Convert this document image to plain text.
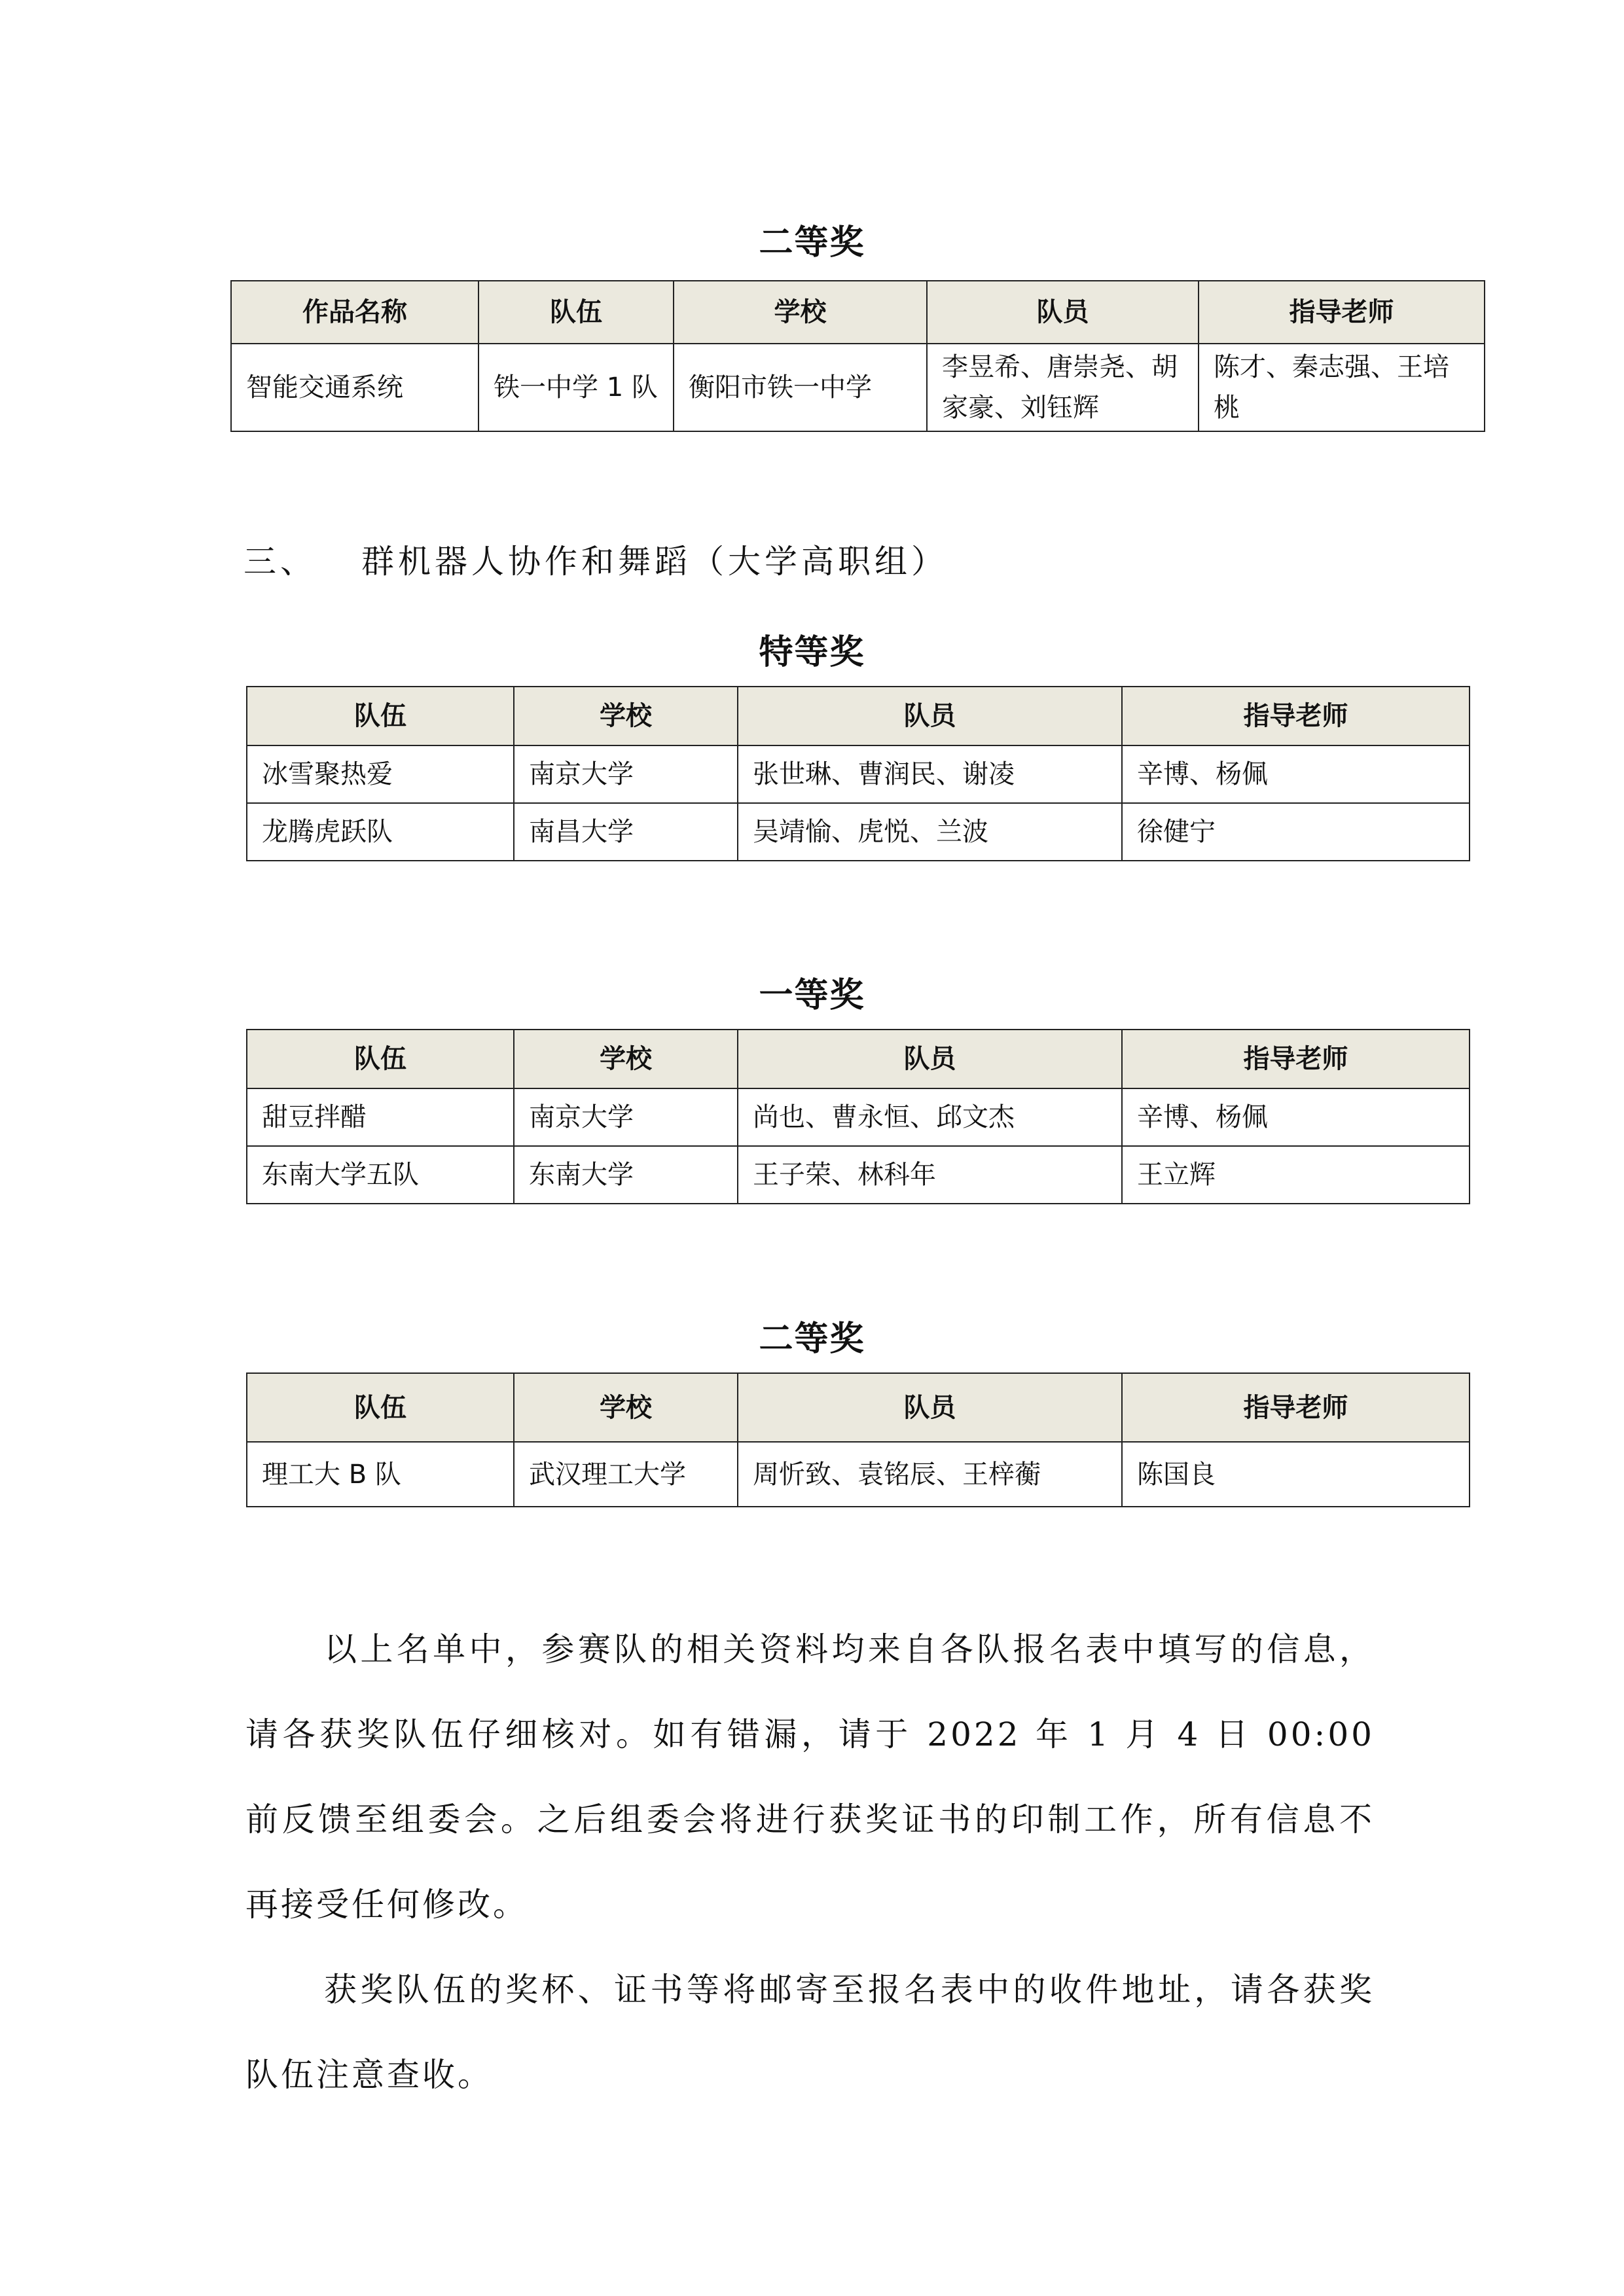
二等奖
作品名称	队伍	学校	队员	指导老师
智能交通系统	铁一中学 1 队	衡阳市铁一中学	李昱希、唐崇尧、胡家豪、刘钰辉	陈才、秦志强、王培桃
三、 群机器人协作和舞蹈（大学高职组）
特等奖
队伍	学校	队员	指导老师
冰雪聚热爱	南京大学	张世琳、曹润民、谢凌	辛博、杨佩
龙腾虎跃队	南昌大学	吴靖愉、虎悦、兰波	徐健宁
一等奖
队伍	学校	队员	指导老师
甜豆拌醋	南京大学	尚也、曹永恒、邱文杰	辛博、杨佩
东南大学五队	东南大学	王子荣、林科年	王立辉
二等奖
队伍	学校	队员	指导老师
理工大 B 队	武汉理工大学	周忻致、袁铭辰、王梓蘅	陈国良

以上名单中，参赛队的相关资料均来自各队报名表中填写的信息，请各获奖队伍仔细核对。如有错漏，请于 2022 年 1 月 4 日 00:00 前反馈至组委会。之后组委会将进行获奖证书的印制工作，所有信息不再接受任何修改。

获奖队伍的奖杯、证书等将邮寄至报名表中的收件地址，请各获奖队伍注意查收。
